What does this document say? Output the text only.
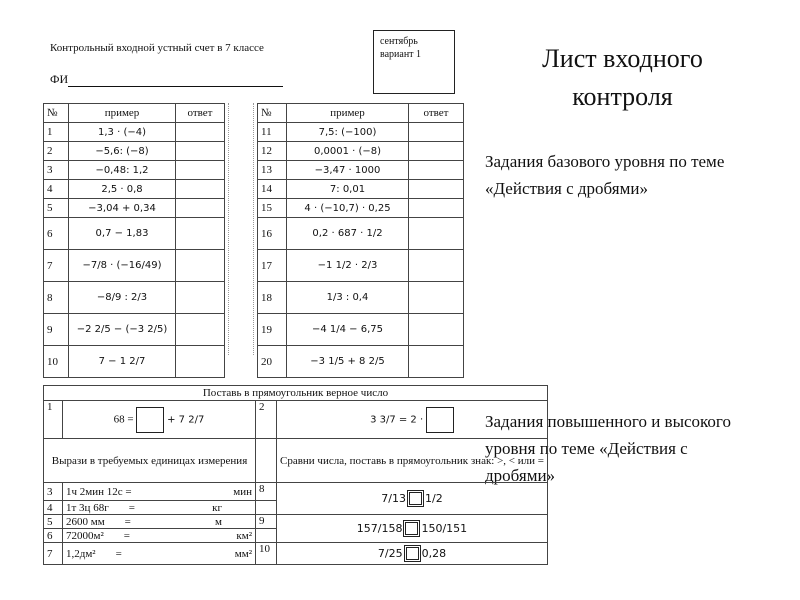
Контрольный входной устный счет в 7 классе
ФИ
сентябрь
вариант 1	Лист входного контроля
Задания базового уровня по теме «Действия с дробями»
Задания повышенного и высокого уровня по теме «Действия с дробями»
№	пример	ответ
1	1,3 · (−4)	
2	−5,6: (−8)	
3	−0,48: 1,2	
4	2,5 · 0,8	
5	−3,04 + 0,34	
6	0,7 − 1,83	
7	−7/8 · (−16/49)	
8	−8/9 : 2/3	
9	−2 2/5 − (−3 2/5)	
10	7 − 1 2/7	
№	пример	ответ
11	7,5: (−100)	
12	0,0001 · (−8)	
13	−3,47 · 1000	
14	7: 0,01	
15	4 · (−10,7) · 0,25	
16	0,2 · 687 · 1/2	
17	−1 1/2 · 2/3	
18	1/3 : 0,4	
19	−4 1/4 − 6,75	
20	−3 1/5 + 8 2/5	
Поставь в прямоугольник верное число			
1	68 = + 7 2/7	2	3 3/7 = 2 ·
Вырази в требуемых единицах измерения			Сравни числа, поставь в прямоугольник знак: >, < или =
3	1ч 2мин 12с = мин	8	7/13 1/2
4	1т 3ц 68г = кг		

5	2600 мм = м	9	157/158 150/151
6	72000м² = км²		

7	1,2дм² = мм²	10	7/25 0,28
